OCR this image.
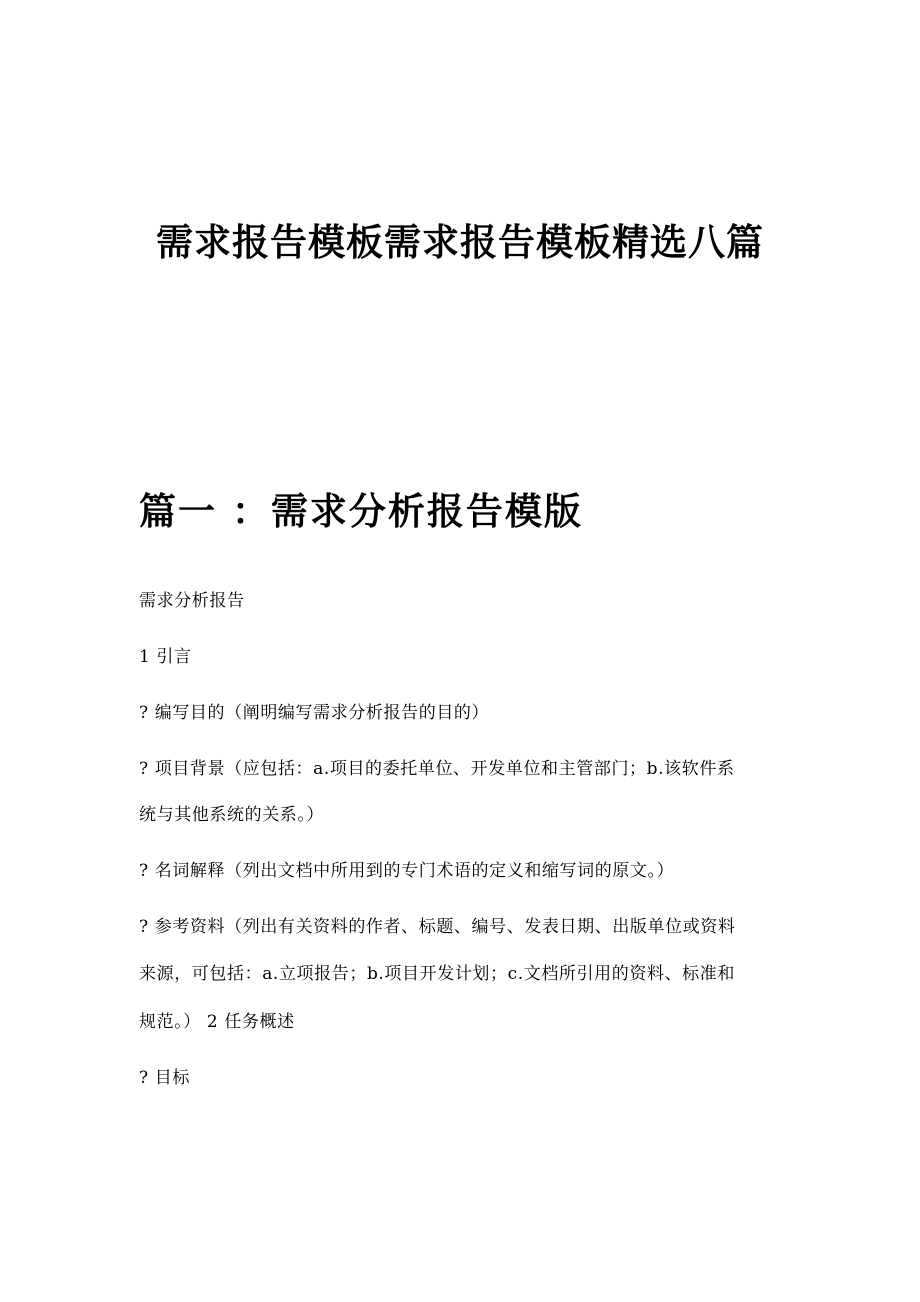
需求报告模板需求报告模板精选八篇
篇一 ：需求分析报告模版

需求分析报告

1 引言

? 编写目的（阐明编写需求分析报告的目的）

? 项目背景（应包括：a.项目的委托单位、开发单位和主管部门；b.该软件系

统与其他系统的关系。）

? 名词解释（列出文档中所用到的专门术语的定义和缩写词的原文。）

? 参考资料（列出有关资料的作者、标题、编号、发表日期、出版单位或资料

来源，可包括：a.立项报告；b.项目开发计划；c.文档所引用的资料、标准和

规范。） 2 任务概述

? 目标
